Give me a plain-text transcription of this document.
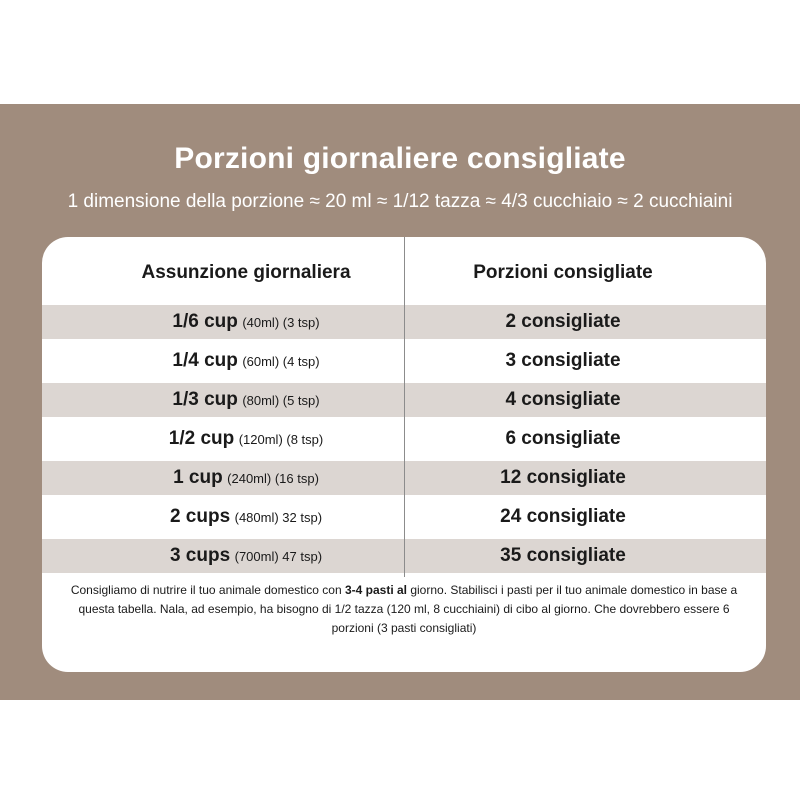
Porzioni giornaliere consigliate
1 dimensione della porzione ≈ 20 ml ≈ 1/12 tazza ≈ 4/3 cucchiaio ≈ 2 cucchiaini
Assunzione giornaliera	Porzioni consigliate
1/6 cup (40ml) (3 tsp)	2 consigliate
1/4 cup (60ml) (4 tsp)	3 consigliate
1/3 cup (80ml) (5 tsp)	4 consigliate
1/2 cup (120ml) (8 tsp)	6 consigliate
1 cup (240ml) (16 tsp)	12 consigliate
2 cups (480ml) 32 tsp)	24 consigliate
3 cups (700ml) 47 tsp)	35 consigliate
Consigliamo di nutrire il tuo animale domestico con 3-4 pasti al giorno. Stabilisci i pasti per il tuo animale domestico in base a questa tabella. Nala, ad esempio, ha bisogno di 1/2 tazza (120 ml, 8 cucchiaini) di cibo al giorno. Che dovrebbero essere 6 porzioni (3 pasti consigliati)
